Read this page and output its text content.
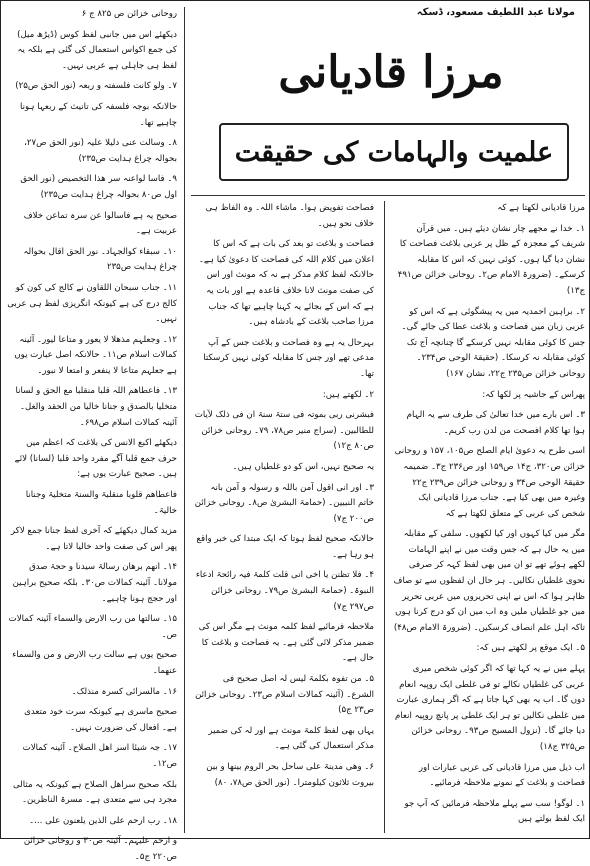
مولانا عبد اللطیف مسعود، ڈسکہ
مرزا قادیانی
علمیت والہامات کی حقیقت

مرزا قادیانی لکھتا ہے کہ

۱۔ خدا نے مجھے چار نشان دیئے ہیں۔ میں قرآن شریف کے معجزہ کے ظل پر عربی بلاغت فصاحت کا نشان دیا گیا ہوں۔ کوئی نہیں کہ اس کا مقابلہ کرسکے۔ (ضرورۃ الامام ص۲۔ روحانی خزائن ص۴۹۱ ج۱۳)

۲۔ براہین احمدیہ میں یہ پیشگوئی ہے کہ اس کو عربی زبان میں فصاحت و بلاغت عطا کی جائے گی۔ جس کا کوئی مقابلہ نہیں کرسکے گا چنانچہ آج تک کوئی مقابلہ نہ کرسکا۔ (حقیقۃ الوحی ص۲۳۴۔ روحانی خزائن ص۲۳۵ ج۲۲، نشان ۱۶۷)

پھراس کے حاشیہ پر لکھا کہ:

۳۔ اس بارے میں خدا تعالیٰ کی طرف سے یہ الہام ہوا تھا کلام افصحت من لدن رب کریم۔

اسی طرح یہ دعویٰ ایام الصلح ص۱۰۵، ۱۵۷ و روحانی خزائن ص۳۲۰، ج۱۴ ص۱۵۹ اور ص۲۳۶ ج۳۔ ضمیمہ حقیقۃ الوحی ص۳۴ و روحانی خزائن ص۲۳۹ ج۲۲ وغیرہ میں بھی کیا ہے۔ جناب مرزا قادیانی ایک شخص کی عربی کے متعلق لکھتا ہے کہ

مگر میں کیا کہوں اور کیا لکھوں۔ سلفی کے مقابلہ میں یہ حال ہے کہ جس وقت میں نے اپنے الہامات لکھے ہوئے تھے تو ان میں بھی لفظ کہہ کر صرفی نحوی غلطیاں نکالیں۔ ہر حال ان لفظوں سے تو صاف ظاہر ہوا کہ اس نے اپنی تحریروں میں عربی تحریر میں جو غلطیاں ملیں وہ اب میں ان کو درج کرنا ہوں تاکہ اہل علم انصاف کرسکیں۔ (ضرورۃ الامام ص۴۸)

۵۔ ایک موقع پر لکھتے ہیں کہ:

پہلے میں نے یہ کہا تھا کہ اگر کوئی شخص میری عربی کی غلطیاں نکالے تو فی غلطی ایک روپیہ انعام دوں گا۔ اب یہ بھی کہا جاتا ہے کہ اگر ہماری عبارت میں غلطی نکالیں تو ہر ایک غلطی پر پانچ روپیہ انعام دیا جائے گا۔ (نزول المسیح ص۹۳۔ روحانی خزائن ص۳۲۵ ج۱۸)

اب ذیل میں مرزا قادیانی کی عربی عبارات اور فصاحت و بلاغت کے نمونے ملاحظہ فرمائیے۔

۱۔ لوگو! سب سے پہلے ملاحظہ فرمائیں کہ آپ جو ایک لفظ بولتے ہیں

فصاحت تفویض ہوا۔ ماشاء اللہ۔ وہ الفاظ ہی خلاف نحو ہیں۔

فصاحت و بلاغت تو بعد کی بات ہے کہ اس کا اعلان میں کلام اللہ کی فصاحت کا دعویٰ کیا ہے۔ حالانکہ لفظ کلام مذکر ہے نہ کہ مونث اور اس کی صفت مونث لانا خلاف قاعدہ ہے اور بات یہ ہے کہ اس کے بجائے یہ کہنا چاہیے تھا کہ جناب مرزا صاحب بلاغت کے بادشاہ ہیں۔

بہرحال یہ ہے وہ فصاحت و بلاغت جس کے آپ مدعی تھے اور جس کا مقابلہ کوئی نہیں کرسکتا تھا۔

۲۔ لکھتے ہیں:

فبشرنی ربی بموتہ فی ستۃ سنۃ ان فی ذلک لآیات للطالبین۔ (سراج منیر ص۷۸، ۷۹۔ روحانی خزائن ص۸۰ ج۱۲)

یہ صحیح نہیں، اس کو دو غلطیاں ہیں۔

۳۔ اور انی اقول آمن باللہ و رسولہ و آمن بانہ خاتم النبیین۔ (حمامۃ البشریٰ ص۸۔ روحانی خزائن ص۲۰۰ ج۷)

حالانکہ صحیح لفظ ہوتا کہ ایک مبتدا کی خبر واقع ہو رہا ہے۔

۴۔ فلا تظنن یا اخی انی قلت کلمۃ فیہ رائحۃ ادعاء النبوۃ۔ (حمامۃ البشریٰ ص۷۹۔ روحانی خزائن ص۲۹۷ ج۷)

ملاحظہ فرمائیے لفظ کلمہ مونث ہے مگر اس کی ضمیر مذکر لائی گئی ہے۔ یہ فصاحت و بلاغت کا حال ہے۔

۵۔ من تفوہ بکلمۃ لیس لہ اصل صحیح فی الشرع۔ (آئینہ کمالات اسلام ص۲۳۔ روحانی خزائن ص۲۳ ج۵)

یہاں بھی لفظ کلمۃ مونث ہے اور لہ کی ضمیر مذکر استعمال کی گئی ہے۔

۶۔ وھی مدینۃ علی ساحل بحر الروم بینھا و بین بیروت ثلاثون کیلومترا۔ (نور الحق ص۷۸، ۸۰)

روحانی خزائن ص ۸۲۵ ج ۶

دیکھئے اس میں جانبی لفظ کوس (ڈیڑھ میل) کی جمع اکواس استعمال کی گئی ہے بلکہ یہ لفظ ہی جاہلی ہے عربی نہیں۔

۷۔ ولو کانت فلسفتہ و ربعہ (نور الحق ص۲۵)

حالانکہ بوجہ فلسفہ کی تانیث کے ربعہا ہونا چاہیے تھا۔

۸۔ وسالت عنی دلیلا علیہ (نور الحق ص۲۷، بحوالہ چراغ ہدایت ص۲۳۵)

۹۔ فاسا لواعنہ سر ھذا التخصیص (نور الحق اول ص۸۰ بحوالہ چراغ ہدایت ص۲۳۵)

صحیح یہ ہے فاسالوا عن سرہ تماعن خلاف عربیت ہے۔

۱۰۔ سبقاء کوالجہاد۔ نور الحق اقال بحوالہ چراغ ہدایت ص۲۳۵

۱۱۔ جناب سبحان اللقاون نے کالج کی کون کو کالج درج کی ہے کیونکہ انگریزی لفظ ہی عربی نہیں۔

۱۲۔ وجعلہم مذھلا لا یعور و متاعا لیور۔ آئینہ کمالات اسلام ص۱۱۔ حالانکہ اصل عبارت یوں ہے جعلہم متاعا لا ینفعر و امتعا لا نبور۔

۱۳۔ فاعطاھم اللہ قلبا منقلبا مع الحق و لسانا متخلیا بالصدق و جنانا خالیا من الحقد والغل۔ آئینہ کمالات اسلام ص۶۹۸۔

دیکھئے اکبع الانس کی بلاغت کہ اعظم میں حرف جمع قلبا آگے مفرد واحد قلبا (لسانا) لائے ہیں۔ صحیح عبارت یوں ہے:

فاعطاھم قلوبا منقلبۃ والسنۃ متخلیۃ وجنانا خالیۃ۔

مزید کمال دیکھئے کہ آخری لفظ جنانا جمع لاکر پھر اس کی صفت واحد خالیا لاتا ہے۔

۱۴۔ انھم برھان رسالۃ سیدنا و حجۃ صدق مولانا۔ آئینہ کمالات ص۳۰۔ بلکہ صحیح براہین اور حجج ہونا چاہیے۔

۱۵۔ سالتھا من رب الارض والسماء آئینہ کمالات ص۔

صحیح یوں ہے سالت رب الارض و من والسماء عنھما۔

۱۶۔ مالسرائی کسرہ منذلک۔

صحیح ماسری ہے کیونکہ سرت خود متعدی ہے۔ افعال کی ضرورت نہیں۔

۱۷۔ جہ شیئا اسر اھل الصلاح۔ آئینہ کمالات ص۱۲۔

بلکہ صحیح سراھل الصلاح ہے کیونکہ یہ مثالی مجرد ہی سے متعدی ہے۔ مسرۃ الناظرین۔

۱۸۔ رب ارحم علی الذین یلعنون علی ...۔

و ارحم علیہم۔ آئینہ ص۳۰ و روحانی خزائن ص۲۲۰ ج۵۔
